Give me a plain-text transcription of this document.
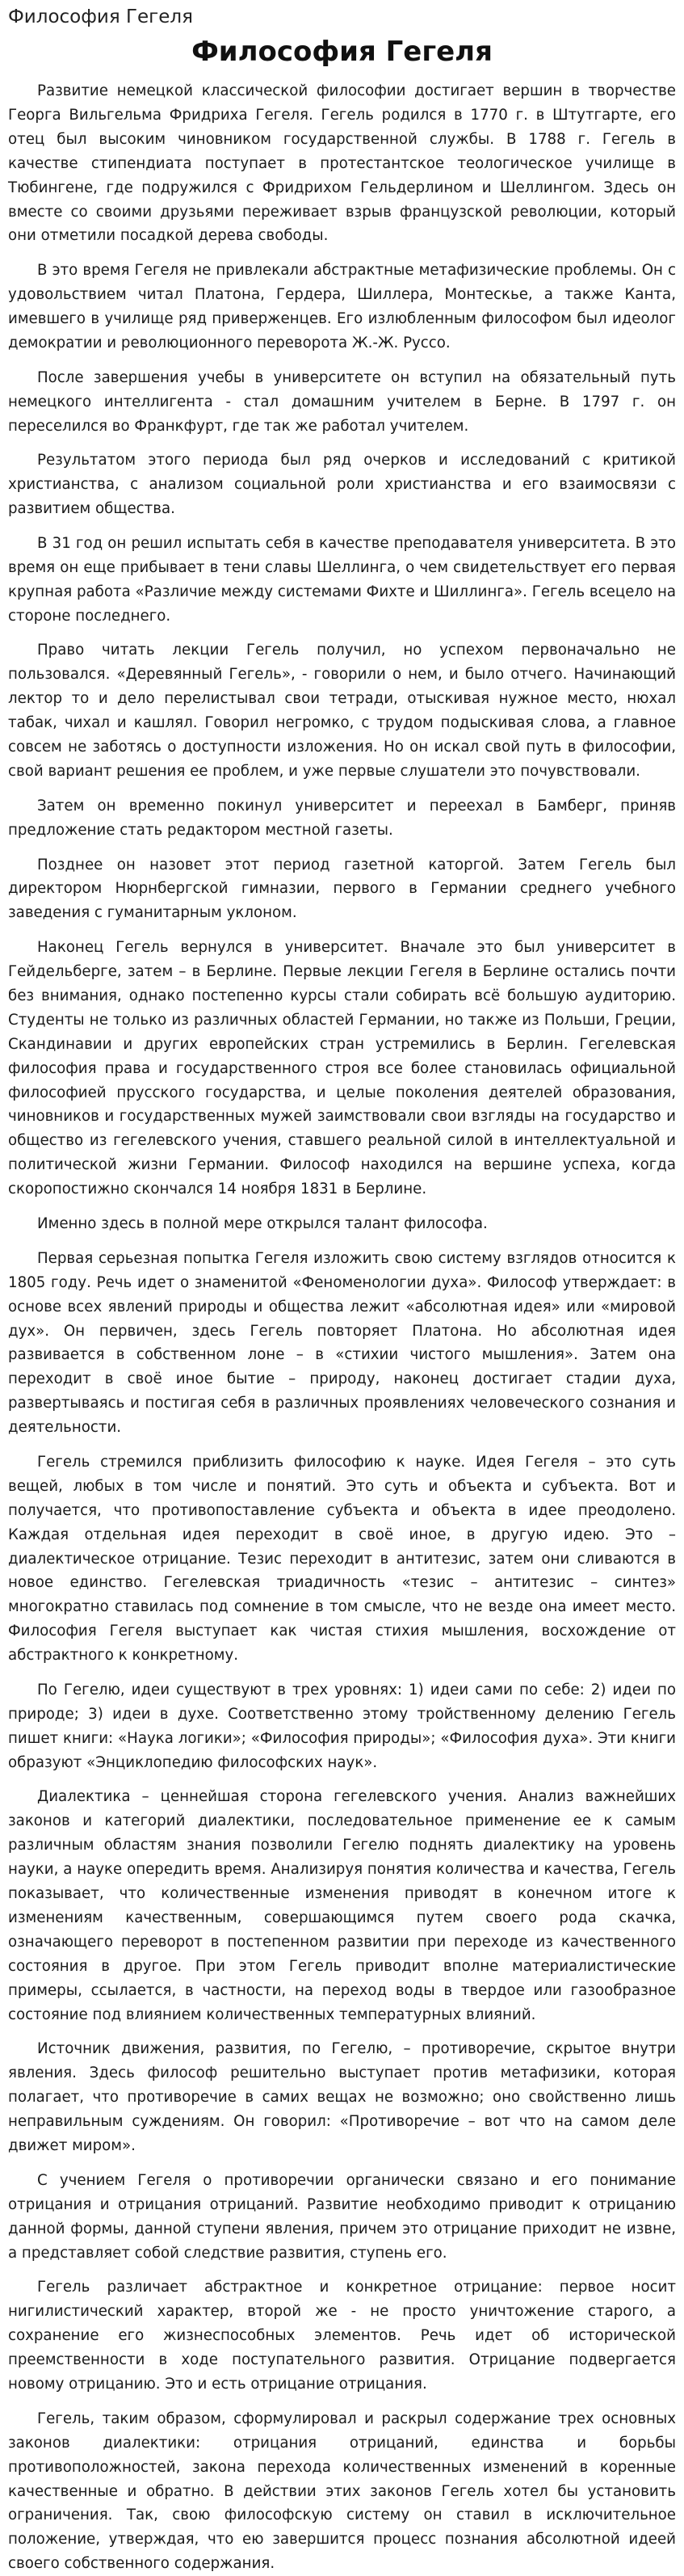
Философия Гегеля
Философия Гегеля

Развитие немецкой классической философии достигает вершин в творчестве Георга Вильгельма Фридриха Гегеля. Гегель родился в 1770 г. в Штутгарте, его отец был высоким чиновником государственной службы. В 1788 г. Гегель в качестве стипендиата поступает в протестантское теологическое училище в Тюбингене, где подружился с Фридрихом Гельдерлином и Шеллингом. Здесь он вместе со своими друзьями переживает взрыв французской революции, который они отметили посадкой дерева свободы.

В это время Гегеля не привлекали абстрактные метафизические проблемы. Он с удовольствием читал Платона, Гердера, Шиллера, Монтескье, а также Канта, имевшего в училище ряд приверженцев. Его излюбленным философом был идеолог демократии и революционного переворота Ж.-Ж. Руссо.

После завершения учебы в университете он вступил на обязательный путь немецкого интеллигента - стал домашним учителем в Берне. В 1797 г. он переселился во Франкфурт, где так же работал учителем.

Результатом этого периода был ряд очерков и исследований с критикой христианства, с анализом социальной роли христианства и его взаимосвязи с развитием общества.

В 31 год он решил испытать себя в качестве преподавателя университета. В это время он еще прибывает в тени славы Шеллинга, о чем свидетельствует его первая крупная работа «Различие между системами Фихте и Шиллинга». Гегель всецело на стороне последнего.

Право читать лекции Гегель получил, но успехом первоначально не пользовался. «Деревянный Гегель», - говорили о нем, и было отчего. Начинающий лектор то и дело перелистывал свои тетради, отыскивая нужное место, нюхал табак, чихал и кашлял. Говорил негромко, с трудом подыскивая слова, а главное совсем не заботясь о доступности изложения. Но он искал свой путь в философии, свой вариант решения ее проблем, и уже первые слушатели это почувствовали.

Затем он временно покинул университет и переехал в Бамберг, приняв предложение стать редактором местной газеты.

Позднее он назовет этот период газетной каторгой. Затем Гегель был директором Нюрнбергской гимназии, первого в Германии среднего учебного заведения с гуманитарным уклоном.

Наконец Гегель вернулся в университет. Вначале это был университет в Гейдельберге, затем – в Берлине. Первые лекции Гегеля в Берлине остались почти без внимания, однако постепенно курсы стали собирать всё большую аудиторию. Студенты не только из различных областей Германии, но также из Польши, Греции, Скандинавии и других европейских стран устремились в Берлин. Гегелевская философия права и государственного строя все более становилась официальной философией прусского государства, и целые поколения деятелей образования, чиновников и государственных мужей заимствовали свои взгляды на государство и общество из гегелевского учения, ставшего реальной силой в интеллектуальной и политической жизни Германии. Философ находился на вершине успеха, когда скоропостижно скончался 14 ноября 1831 в Берлине.

Именно здесь в полной мере открылся талант философа.

Первая серьезная попытка Гегеля изложить свою систему взглядов относится к 1805 году. Речь идет о знаменитой «Феноменологии духа». Философ утверждает: в основе всех явлений природы и общества лежит «абсолютная идея» или «мировой дух». Он первичен, здесь Гегель повторяет Платона. Но абсолютная идея развивается в собственном лоне – в «стихии чистого мышления». Затем она переходит в своё иное бытие – природу, наконец достигает стадии духа, развертываясь и постигая себя в различных проявлениях человеческого сознания и деятельности.

Гегель стремился приблизить философию к науке. Идея Гегеля – это суть вещей, любых в том числе и понятий. Это суть и объекта и субъекта. Вот и получается, что противопоставление субъекта и объекта в идее преодолено. Каждая отдельная идея переходит в своё иное, в другую идею. Это – диалектическое отрицание. Тезис переходит в антитезис, затем они сливаются в новое единство. Гегелевская триадичность «тезис – антитезис – синтез» многократно ставилась под сомнение в том смысле, что не везде она имеет место. Философия Гегеля выступает как чистая стихия мышления, восхождение от абстрактного к конкретному.

По Гегелю, идеи существуют в трех уровнях: 1) идеи сами по себе: 2) идеи по природе; 3) идеи в духе. Соответственно этому тройственному делению Гегель пишет книги: «Наука логики»; «Философия природы»; «Философия духа». Эти книги образуют «Энциклопедию философских наук».

Диалектика – ценнейшая сторона гегелевского учения. Анализ важнейших законов и категорий диалектики, последовательное применение ее к самым различным областям знания позволили Гегелю поднять диалектику на уровень науки, а науке опередить время. Анализируя понятия количества и качества, Гегель показывает, что количественные изменения приводят в конечном итоге к изменениям качественным, совершающимся путем своего рода скачка, означающего переворот в постепенном развитии при переходе из качественного состояния в другое. При этом Гегель приводит вполне материалистические примеры, ссылается, в частности, на переход воды в твердое или газообразное состояние под влиянием количественных температурных влияний.

Источник движения, развития, по Гегелю, – противоречие, скрытое внутри явления. Здесь философ решительно выступает против метафизики, которая полагает, что противоречие в самих вещах не возможно; оно свойственно лишь неправильным суждениям. Он говорил: «Противоречие – вот что на самом деле движет миром».

С учением Гегеля о противоречии органически связано и его понимание отрицания и отрицания отрицаний. Развитие необходимо приводит к отрицанию данной формы, данной ступени явления, причем это отрицание приходит не извне, а представляет собой следствие развития, ступень его.

Гегель различает абстрактное и конкретное отрицание: первое носит нигилистический характер, второй же - не просто уничтожение старого, а сохранение его жизнеспособных элементов. Речь идет об исторической преемственности в ходе поступательного развития. Отрицание подвергается новому отрицанию. Это и есть отрицание отрицания.

Гегель, таким образом, сформулировал и раскрыл содержание трех основных законов диалектики: отрицания отрицаний, единства и борьбы противоположностей, закона перехода количественных изменений в коренные качественные и обратно. В действии этих законов Гегель хотел бы установить ограничения. Так, свою философскую систему он ставил в исключительное положение, утверждая, что ею завершится процесс познания абсолютной идеей своего собственного содержания.
